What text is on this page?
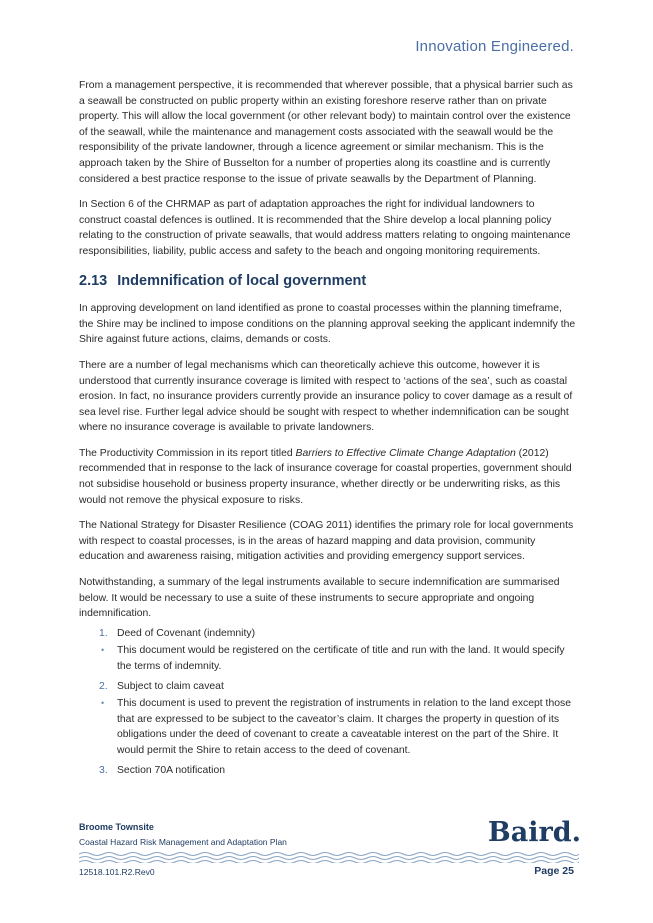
Innovation Engineered.

From a management perspective, it is recommended that wherever possible, that a physical barrier such as a seawall be constructed on public property within an existing foreshore reserve rather than on private property. This will allow the local government (or other relevant body) to maintain control over the existence of the seawall, while the maintenance and management costs associated with the seawall would be the responsibility of the private landowner, through a licence agreement or similar mechanism. This is the approach taken by the Shire of Busselton for a number of properties along its coastline and is currently considered a best practice response to the issue of private seawalls by the Department of Planning.

In Section 6 of the CHRMAP as part of adaptation approaches the right for individual landowners to construct coastal defences is outlined. It is recommended that the Shire develop a local planning policy relating to the construction of private seawalls, that would address matters relating to ongoing maintenance responsibilities, liability, public access and safety to the beach and ongoing monitoring requirements.

2.13 Indemnification of local government

In approving development on land identified as prone to coastal processes within the planning timeframe, the Shire may be inclined to impose conditions on the planning approval seeking the applicant indemnify the Shire against future actions, claims, demands or costs.

There are a number of legal mechanisms which can theoretically achieve this outcome, however it is understood that currently insurance coverage is limited with respect to ‘actions of the sea’, such as coastal erosion. In fact, no insurance providers currently provide an insurance policy to cover damage as a result of sea level rise. Further legal advice should be sought with respect to whether indemnification can be sought where no insurance coverage is available to private landowners.

The Productivity Commission in its report titled Barriers to Effective Climate Change Adaptation (2012) recommended that in response to the lack of insurance coverage for coastal properties, government should not subsidise household or business property insurance, whether directly or be underwriting risks, as this would not remove the physical exposure to risks.

The National Strategy for Disaster Resilience (COAG 2011) identifies the primary role for local governments with respect to coastal processes, is in the areas of hazard mapping and data provision, community education and awareness raising, mitigation activities and providing emergency support services.

Notwithstanding, a summary of the legal instruments available to secure indemnification are summarised below. It would be necessary to use a suite of these instruments to secure appropriate and ongoing indemnification.

1. Deed of Covenant (indemnity)
•	This document would be registered on the certificate of title and run with the land. It would specify the terms of indemnity.
2. Subject to claim caveat
•	This document is used to prevent the registration of instruments in relation to the land except those that are expressed to be subject to the caveator’s claim. It charges the property in question of its obligations under the deed of covenant to create a caveatable interest on the part of the Shire. It would permit the Shire to retain access to the deed of covenant.
3. Section 70A notification
Broome Townsite
Coastal Hazard Risk Management and Adaptation Plan	Baird.
12518.101.R2.Rev0	Page 25
